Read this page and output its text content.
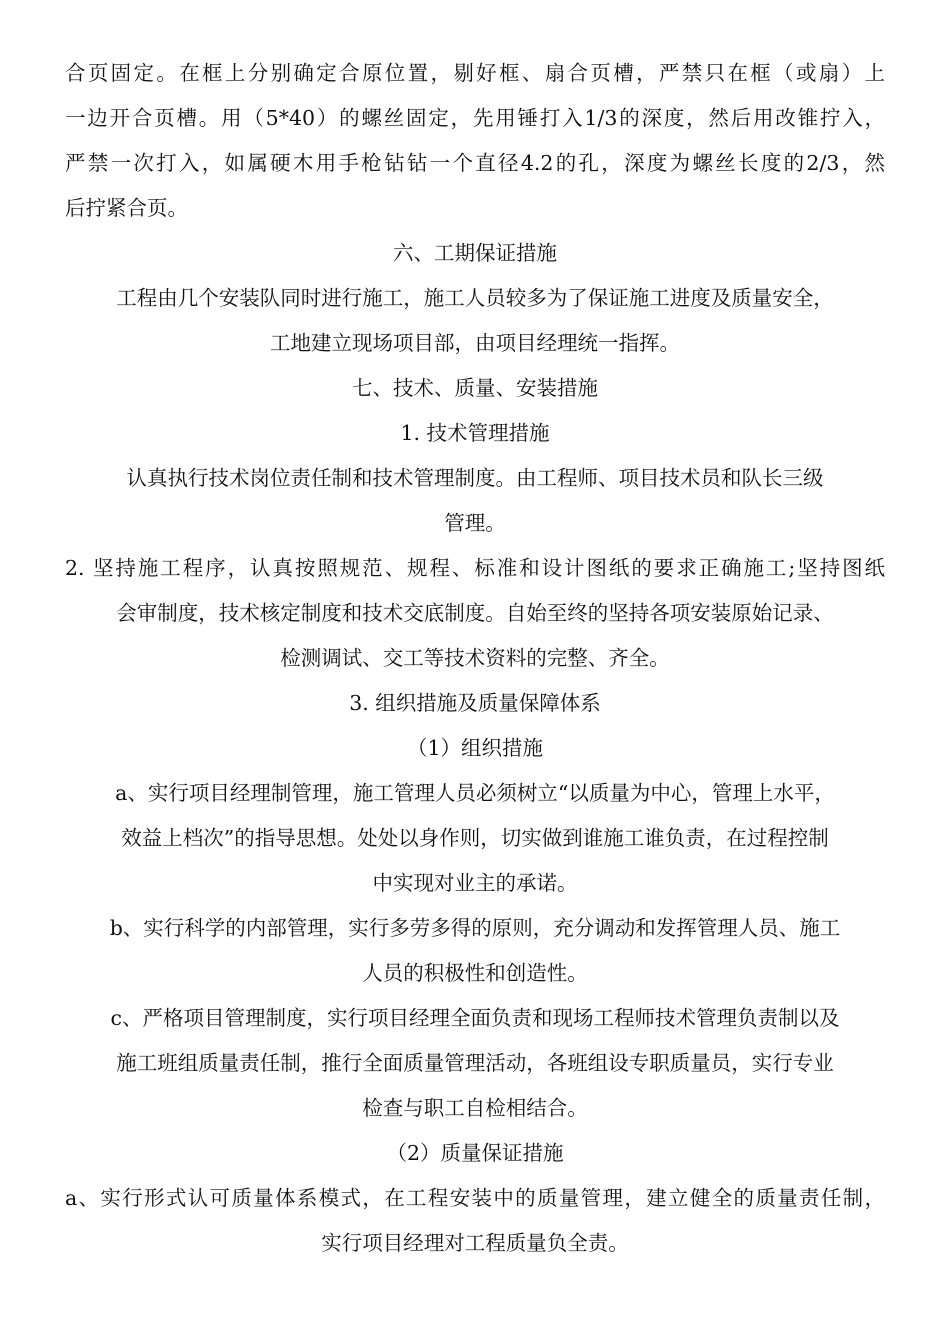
合页固定。在框上分别确定合原位置，剔好框、扇合页槽，严禁只在框（或扇）上
一边开合页槽。用（5*40）的螺丝固定，先用锤打入1/3的深度，然后用改锥拧入，
严禁一次打入，如属硬木用手枪钻钻一个直径4.2的孔，深度为螺丝长度的2/3，然
后拧紧合页。
六、工期保证措施
工程由几个安装队同时进行施工，施工人员较多为了保证施工进度及质量安全，
工地建立现场项目部，由项目经理统一指挥。
七、技术、质量、安装措施
1. 技术管理措施
认真执行技术岗位责任制和技术管理制度。由工程师、项目技术员和队长三级
管理。
2. 坚持施工程序，认真按照规范、规程、标准和设计图纸的要求正确施工;坚持图纸
会审制度，技术核定制度和技术交底制度。自始至终的坚持各项安装原始记录、
检测调试、交工等技术资料的完整、齐全。
3. 组织措施及质量保障体系
（1）组织措施
a、实行项目经理制管理，施工管理人员必须树立“以质量为中心，管理上水平，
效益上档次”的指导思想。处处以身作则，切实做到谁施工谁负责，在过程控制
中实现对业主的承诺。
b、实行科学的内部管理，实行多劳多得的原则，充分调动和发挥管理人员、施工
人员的积极性和创造性。
c、严格项目管理制度，实行项目经理全面负责和现场工程师技术管理负责制以及
施工班组质量责任制，推行全面质量管理活动，各班组设专职质量员，实行专业
检查与职工自检相结合。
（2）质量保证措施
a、实行形式认可质量体系模式，在工程安装中的质量管理，建立健全的质量责任制，
实行项目经理对工程质量负全责。
